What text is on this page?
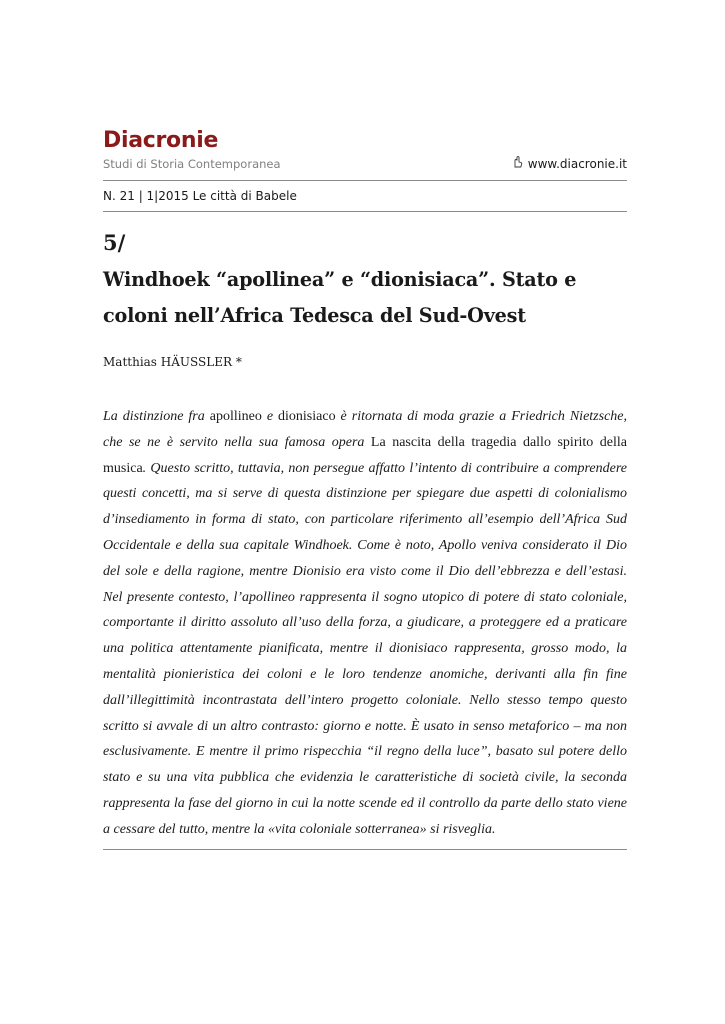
Diacronie
Studi di Storia Contemporanea	www.diacronie.it
N. 21 | 1|2015 Le città di Babele
5/
Windhoek “apollinea” e “dionisiaca”. Stato e coloni nell’Africa Tedesca del Sud-Ovest
Matthias HÄUSSLER *
La distinzione fra apollineo e dionisiaco è ritornata di moda grazie a Friedrich Nietzsche, che se ne è servito nella sua famosa opera La nascita della tragedia dallo spirito della musica. Questo scritto, tuttavia, non persegue affatto l’intento di contribuire a comprendere questi concetti, ma si serve di questa distinzione per spiegare due aspetti di colonialismo d’insediamento in forma di stato, con particolare riferimento all’esempio dell’Africa Sud Occidentale e della sua capitale Windhoek. Come è noto, Apollo veniva considerato il Dio del sole e della ragione, mentre Dionisio era visto come il Dio dell’ebbrezza e dell’estasi. Nel presente contesto, l’apollineo rappresenta il sogno utopico di potere di stato coloniale, comportante il diritto assoluto all’uso della forza, a giudicare, a proteggere ed a praticare una politica attentamente pianificata, mentre il dionisiaco rappresenta, grosso modo, la mentalità pionieristica dei coloni e le loro tendenze anomiche, derivanti alla fin fine dall’illegittimità incontrastata dell’intero progetto coloniale. Nello stesso tempo questo scritto si avvale di un altro contrasto: giorno e notte. È usato in senso metaforico – ma non esclusivamente. E mentre il primo rispecchia “il regno della luce”, basato sul potere dello stato e su una vita pubblica che evidenzia le caratteristiche di società civile, la seconda rappresenta la fase del giorno in cui la notte scende ed il controllo da parte dello stato viene a cessare del tutto, mentre la «vita coloniale sotterranea» si risveglia.
